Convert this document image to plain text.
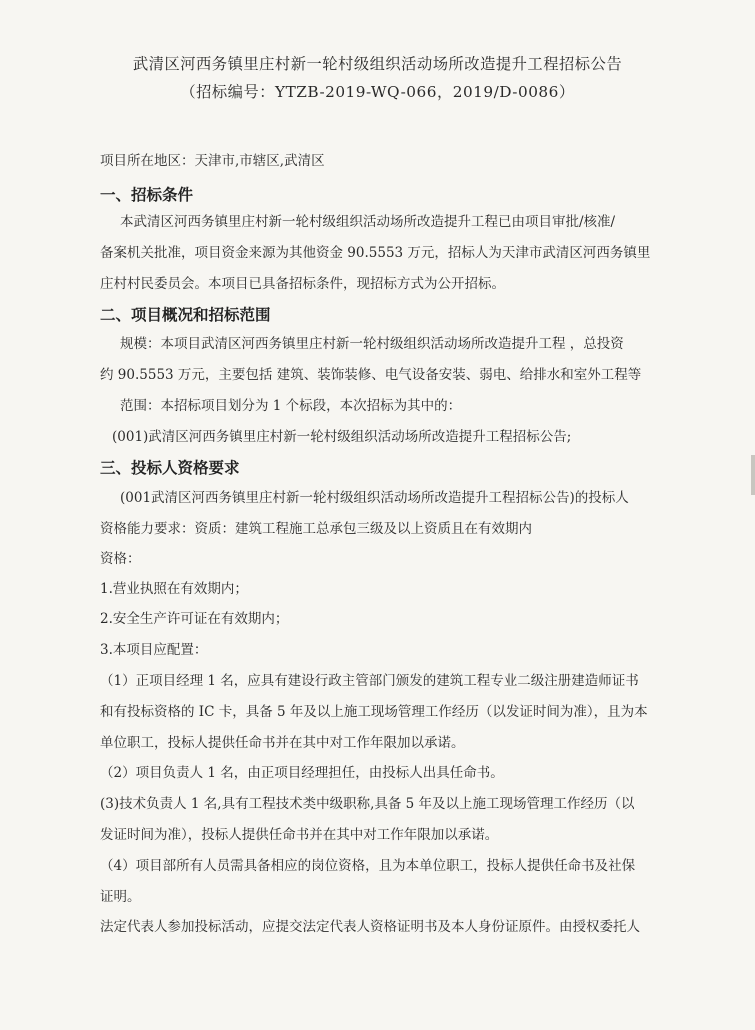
武清区河西务镇里庄村新一轮村级组织活动场所改造提升工程招标公告
（招标编号：YTZB-2019-WQ-066，2019/D-0086）
项目所在地区：天津市,市辖区,武清区
一、招标条件
本武清区河西务镇里庄村新一轮村级组织活动场所改造提升工程已由项目审批/核准/
备案机关批准，项目资金来源为其他资金 90.5553 万元，招标人为天津市武清区河西务镇里
庄村村民委员会。本项目已具备招标条件，现招标方式为公开招标。
二、项目概况和招标范围
规模：本项目武清区河西务镇里庄村新一轮村级组织活动场所改造提升工程 ，总投资
约 90.5553 万元，主要包括 建筑、装饰装修、电气设备安装、弱电、给排水和室外工程等
范围：本招标项目划分为 1 个标段，本次招标为其中的：
(001)武清区河西务镇里庄村新一轮村级组织活动场所改造提升工程招标公告;
三、投标人资格要求
(001武清区河西务镇里庄村新一轮村级组织活动场所改造提升工程招标公告)的投标人
资格能力要求：资质：建筑工程施工总承包三级及以上资质且在有效期内
资格：
1.营业执照在有效期内；
2.安全生产许可证在有效期内；
3.本项目应配置：
（1）正项目经理 1 名，应具有建设行政主管部门颁发的建筑工程专业二级注册建造师证书
和有投标资格的 IC 卡，具备 5 年及以上施工现场管理工作经历（以发证时间为准），且为本
单位职工，投标人提供任命书并在其中对工作年限加以承诺。
（2）项目负责人 1 名，由正项目经理担任，由投标人出具任命书。
(3)技术负责人 1 名,具有工程技术类中级职称,具备 5 年及以上施工现场管理工作经历（以
发证时间为准），投标人提供任命书并在其中对工作年限加以承诺。
（4）项目部所有人员需具备相应的岗位资格，且为本单位职工，投标人提供任命书及社保
证明。
法定代表人参加投标活动，应提交法定代表人资格证明书及本人身份证原件。由授权委托人
